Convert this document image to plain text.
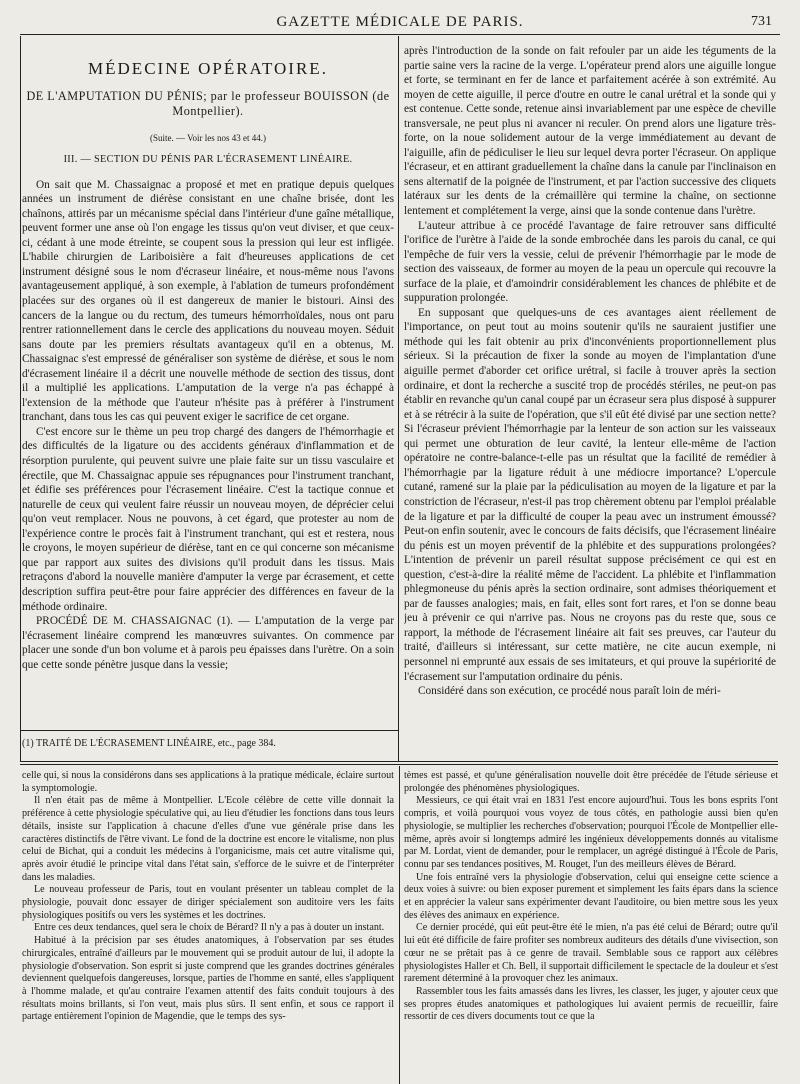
GAZETTE MÉDICALE DE PARIS.	731
MÉDECINE OPÉRATOIRE.
DE L'AMPUTATION DU PÉNIS; par le professeur BOUISSON (de Montpellier).
(Suite. — Voir les nos 43 et 44.)
III. — SECTION DU PÉNIS PAR L'ÉCRASEMENT LINÉAIRE.

On sait que M. Chassaignac a proposé et met en pratique depuis quelques années un instrument de diérèse consistant en une chaîne brisée, dont les chaînons, attirés par un mécanisme spécial dans l'intérieur d'une gaîne métallique, peuvent former une anse où l'on engage les tissus qu'on veut diviser, et que ceux-ci, cédant à une mode étreinte, se coupent sous la pression qui leur est infligée. L'habile chirurgien de Lariboisière a fait d'heureuses applications de cet instrument désigné sous le nom d'écraseur linéaire, et nous-même nous l'avons avantageusement appliqué, à son exemple, à l'ablation de tumeurs profondément placées sur des organes où il est dangereux de manier le bistouri. Ainsi des cancers de la langue ou du rectum, des tumeurs hémorrhoïdales, nous ont paru rentrer rationnellement dans le cercle des applications du nouveau moyen. Séduit sans doute par les premiers résultats avantageux qu'il en a obtenus, M. Chassaignac s'est empressé de généraliser son système de diérèse, et sous le nom d'écrasement linéaire il a décrit une nouvelle méthode de section des tissus, dont il a multiplié les applications. L'amputation de la verge n'a pas échappé à l'extension de la méthode que l'auteur n'hésite pas à préférer à l'instrument tranchant, dans tous les cas qui peuvent exiger le sacrifice de cet organe.

C'est encore sur le thème un peu trop chargé des dangers de l'hémorrhagie et des difficultés de la ligature ou des accidents généraux d'inflammation et de résorption purulente, qui peuvent suivre une plaie faite sur un tissu vasculaire et érectile, que M. Chassaignac appuie ses répugnances pour l'instrument tranchant, et édifie ses préférences pour l'écrasement linéaire. C'est la tactique connue et naturelle de ceux qui veulent faire réussir un nouveau moyen, de déprécier celui qu'on veut remplacer. Nous ne pouvons, à cet égard, que protester au nom de l'expérience contre le procès fait à l'instrument tranchant, qui est et restera, nous le croyons, le moyen supérieur de diérèse, tant en ce qui concerne son mécanisme que par rapport aux suites des divisions qu'il produit dans les tissus. Mais retraçons d'abord la nouvelle manière d'amputer la verge par écrasement, et cette description suffira peut-être pour faire apprécier des différences en faveur de la méthode ordinaire.

PROCÉDÉ DE M. CHASSAIGNAC (1). — L'amputation de la verge par l'écrasement linéaire comprend les manœuvres suivantes. On commence par placer une sonde d'un bon volume et à parois peu épaisses dans l'urètre. On a soin que cette sonde pénètre jusque dans la vessie;

(1) TRAITÉ DE L'ÉCRASEMENT LINÉAIRE, etc., page 384.

après l'introduction de la sonde on fait refouler par un aide les téguments de la partie saine vers la racine de la verge. L'opérateur prend alors une aiguille longue et forte, se terminant en fer de lance et parfaitement acérée à son extrémité. Au moyen de cette aiguille, il perce d'outre en outre le canal urétral et la sonde qui y est contenue. Cette sonde, retenue ainsi invariablement par une espèce de cheville transversale, ne peut plus ni avancer ni reculer. On prend alors une ligature très-forte, on la noue solidement autour de la verge immédiatement au devant de l'aiguille, afin de pédiculiser le lieu sur lequel devra porter l'écraseur. On applique l'écraseur, et en attirant graduellement la chaîne dans la canule par l'inclinaison en sens alternatif de la poignée de l'instrument, et par l'action successive des cliquets latéraux sur les dents de la crémaillère qui termine la chaîne, on sectionne lentement et complétement la verge, ainsi que la sonde contenue dans l'urètre.

L'auteur attribue à ce procédé l'avantage de faire retrouver sans difficulté l'orifice de l'urètre à l'aide de la sonde embrochée dans les parois du canal, ce qui l'empêche de fuir vers la vessie, celui de prévenir l'hémorrhagie par le mode de section des vaisseaux, de former au moyen de la peau un opercule qui recouvre la surface de la plaie, et d'amoindrir considérablement les chances de phlébite et de suppuration prolongée.

En supposant que quelques-uns de ces avantages aient réellement de l'importance, on peut tout au moins soutenir qu'ils ne sauraient justifier une méthode qui les fait obtenir au prix d'inconvénients proportionnellement plus sérieux. Si la précaution de fixer la sonde au moyen de l'implantation d'une aiguille permet d'aborder cet orifice urétral, si facile à trouver après la section ordinaire, et dont la recherche a suscité trop de procédés stériles, ne peut-on pas établir en revanche qu'un canal coupé par un écraseur sera plus disposé à suppurer et à se rétrécir à la suite de l'opération, que s'il eût été divisé par une section nette? Si l'écraseur prévient l'hémorrhagie par la lenteur de son action sur les vaisseaux qui permet une obturation de leur cavité, la lenteur elle-même de l'action opératoire ne contre-balance-t-elle pas un résultat que la facilité de remédier à l'hémorrhagie par la ligature réduit à une médiocre importance? L'opercule cutané, ramené sur la plaie par la pédiculisation au moyen de la ligature et par la constriction de l'écraseur, n'est-il pas trop chèrement obtenu par l'emploi préalable de la ligature et par la difficulté de couper la peau avec un instrument émoussé? Peut-on enfin soutenir, avec le concours de faits décisifs, que l'écrasement linéaire du pénis est un moyen préventif de la phlébite et des suppurations prolongées? L'intention de prévenir un pareil résultat suppose précisément ce qui est en question, c'est-à-dire la réalité même de l'accident. La phlébite et l'inflammation phlegmoneuse du pénis après la section ordinaire, sont admises théoriquement et par de fausses analogies; mais, en fait, elles sont fort rares, et l'on se donne beau jeu à prévenir ce qui n'arrive pas. Nous ne croyons pas du reste que, sous ce rapport, la méthode de l'écrasement linéaire ait fait ses preuves, car l'auteur du traité, d'ailleurs si intéressant, sur cette matière, ne cite aucun exemple, ni personnel ni emprunté aux essais de ses imitateurs, et qui prouve la supériorité de l'écrasement sur l'amputation ordinaire du pénis.

Considéré dans son exécution, ce procédé nous paraît loin de méri-

celle qui, si nous la considérons dans ses applications à la pratique médicale, éclaire surtout la symptomologie.

Il n'en était pas de même à Montpellier. L'Ecole célèbre de cette ville donnait la préférence à cette physiologie spéculative qui, au lieu d'étudier les fonctions dans tous leurs détails, insiste sur l'application à chacune d'elles d'une vue générale prise dans les caractères distinctifs de l'être vivant. Le fond de la doctrine est encore le vitalisme, non plus celui de Bichat, qui a conduit les médecins à l'organicisme, mais cet autre vitalisme qui, après avoir étudié le principe vital dans l'état sain, s'efforce de le suivre et de l'interpréter dans les maladies.

Le nouveau professeur de Paris, tout en voulant présenter un tableau complet de la physiologie, pouvait donc essayer de diriger spécialement son auditoire vers les faits physiologiques positifs ou vers les systèmes et les doctrines.

Entre ces deux tendances, quel sera le choix de Bérard? Il n'y a pas à douter un instant.

Habitué à la précision par ses études anatomiques, à l'observation par ses études chirurgicales, entraîné d'ailleurs par le mouvement qui se produit autour de lui, il adopte la physiologie d'observation. Son esprit si juste comprend que les grandes doctrines générales deviennent quelquefois dangereuses, lorsque, parties de l'homme en santé, elles s'appliquent à l'homme malade, et qu'au contraire l'examen attentif des faits conduit toujours à des résultats moins brillants, si l'on veut, mais plus sûrs. Il sent enfin, et sous ce rapport il partage entièrement l'opinion de Magendie, que le temps des sys-

tèmes est passé, et qu'une généralisation nouvelle doit être précédée de l'étude sérieuse et prolongée des phénomènes physiologiques.

Messieurs, ce qui était vrai en 1831 l'est encore aujourd'hui. Tous les bons esprits l'ont compris, et voilà pourquoi vous voyez de tous côtés, en pathologie aussi bien qu'en physiologie, se multiplier les recherches d'observation; pourquoi l'École de Montpellier elle-même, après avoir si longtemps admiré les ingénieux développements donnés au vitalisme par M. Lordat, vient de demander, pour le remplacer, un agrégé distingué à l'École de Paris, connu par ses tendances positives, M. Rouget, l'un des meilleurs élèves de Bérard.

Une fois entraîné vers la physiologie d'observation, celui qui enseigne cette science a deux voies à suivre: ou bien exposer purement et simplement les faits épars dans la science et en apprécier la valeur sans expérimenter devant l'auditoire, ou bien mettre sous les yeux des élèves des animaux en expérience.

Ce dernier procédé, qui eût peut-être été le mien, n'a pas été celui de Bérard; outre qu'il lui eût été difficile de faire profiter ses nombreux auditeurs des détails d'une vivisection, son cœur ne se prêtait pas à ce genre de travail. Semblable sous ce rapport aux célèbres physiologistes Haller et Ch. Bell, il supportait difficilement le spectacle de la douleur et s'est rarement déterminé à la provoquer chez les animaux.

Rassembler tous les faits amassés dans les livres, les classer, les juger, y ajouter ceux que ses propres études anatomiques et pathologiques lui avaient permis de recueillir, faire ressortir de ces divers documents tout ce que la
